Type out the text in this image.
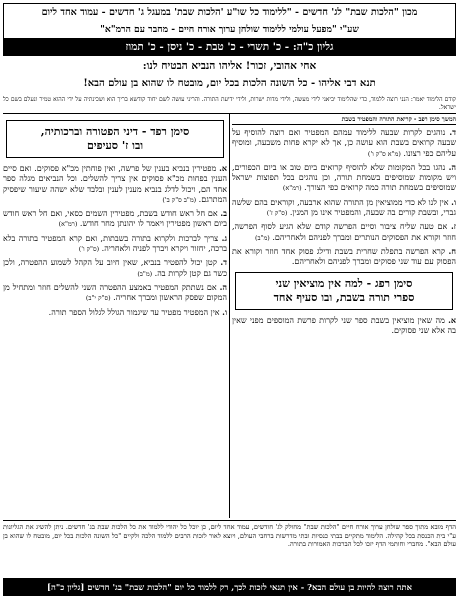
מכון "הלכות שבת" לג' חדשים - "ללימוד כל שו"ע 'הלכות שבת' במעגל ג' חדשים - עמוד אחד ליום
שע"י "מפעל עולמי ללימוד שולחן ערוך אורח חיים - מחבר עם הרמ"א"
גליון כ"ה: - כ' תשרי - כ' טבת - כ' ניסן - כ' תמוז
אחי אהובי, זכור! אליהו הנביא הבטיח לנו:
תנא דבי אליהו - כל השונה הלכות בכל יום, מובטח לו שהוא בן עולם הבא!
קודם הלימוד יאמר: הנני רוצה ללמוד, כדי שהלימוד יביאני לידי מעשה, ולידי מדות ישרות, ולידי ידיעת התורה. והריני עושה לשם יחוד קודשא בריך הוא ושכינתיה על ידי ההוא טמיר ונעלם בשם כל ישראל.
המשך סימן רפב - קריאת התורה והמפטיר בשבת
ד. נוהגים לקרות שבעה ללימוד עמהם המפטיר ואם רוצה להוסיף על שבעה קרואים בשבת הוא עושה כן, אך לא יקרא פחות משבעה, ומוסיף עליהם כפי רצונו. (מ"א ס"ק ו')
ה. נהגו בכל המקומות שלא להוסיף קרואים ביום טוב או ביום הכפורים, ויש מקומות שמוסיפים בשמחת תורה, וכן נוהגים בכל תפוצות ישראל שמוסיפים בשמחת תורה כמה קרואים כפי הצורך. (רמ"א)
ו. אין לנו לא כדי ממוציאין מן התורה שהוא ארבעה, וקוראים בהם שלשה גברי, ובשבת קורים בה שבעה, והמפטיר אינו מן המנין. (ס"ק ז')
ז. אם טעה שליח ציבור וסיים הפרשה קודם שלא הגיע לסוף הפרשה, חוזר וקורא את הפסוקים הנותרים ומברך לפניהם ולאחריהם. (מ"ב)
ח. קרא הפרשה בתפלת שחרית בשבת ודילג פסוק אחד חוזר וקורא את הפסוק עם עוד שני פסוקים ומברך לפניהם ולאחריהם.
סימן רפג - למה אין מוציאין שני
ספרי תורה בשבת, ובו סעיף אחד
א. מה שאין מוציאין בשבת ספר שני לקרות פרשת המוספים מפני שאין בה אלא שני פסוקים.
סימן רפד - דיני הפטורה וברכותיה,
ובו ז' סעיפים
א. מפטירין בנביא בענין של פרשה, ואין פוחתין מכ"א פסוקים. ואם סיים הענין בפחות מכ"א פסוקים אין צריך להשלים. וכל הנביאים מגלה ספר אחד הם, ויכול לדלג בנביא מענין לענין ובלבד שלא ישהה שיעור שיפסיק המתרגם. (מ"ב ס"ק ב')
ב. אם חל ראש חודש בשבת, מפטירין השמים כסאי, ואם חל ראש חודש ביום ראשון מפטירין ויאמר לו יהונתן מחר חודש. (רמ"א)
ג. צריך לברכות ולקרוא בתורה בשבתות, ואם קרא המפטיר בתורה בלא ברכה, יחזור ויקרא ויברך לפניה ולאחריה. (ס"ק ו')
ד. קטן יכול להפטיר בנביא, שאין חיוב על הקהל לשמוע ההפטרה, ולכן כשר גם קטן לקרות בה. (מ"ב)
ה. אם נשתתק המפטיר באמצע ההפטרה השני להשלים חוזר ומתחיל מן המקום שפסק הראשון ומברך אחריה. (ס"ק י"ב)
ו. אין המפטיר מפטיר עד שיגמור הגולל לגלול הספר תורה.
הדף מובא מתוך ספר שולחן ערוך אורח חיים "הלכות שבת" מחולק לג' חודשים, עמוד אחד ליום, כן יוכל כל יהודי ללמוד את כל הלכות שבת בג' חדשים. ניתן להשיג את הגליונות ע"י בית הכנסת בכל קהילה. הלימוד מתקיים בבתי כנסיות ובתי מדרשות ברחבי העולם, ויוצא לאור לזכות הרבים ללמוד הלכה ולקיים "כל השונה הלכות בכל יום, מובטח לו שהוא בן עולם הבא". מחברי וחותמי הדף יזכו לכל הברכות האמורות בתורה.
אתה רוצה להיות בן עולם הבא? - אין תנאי לזכות לכך, רק ללמוד כל יום "הלכות שבת" בג' חדשים [גליון כ"ה]
